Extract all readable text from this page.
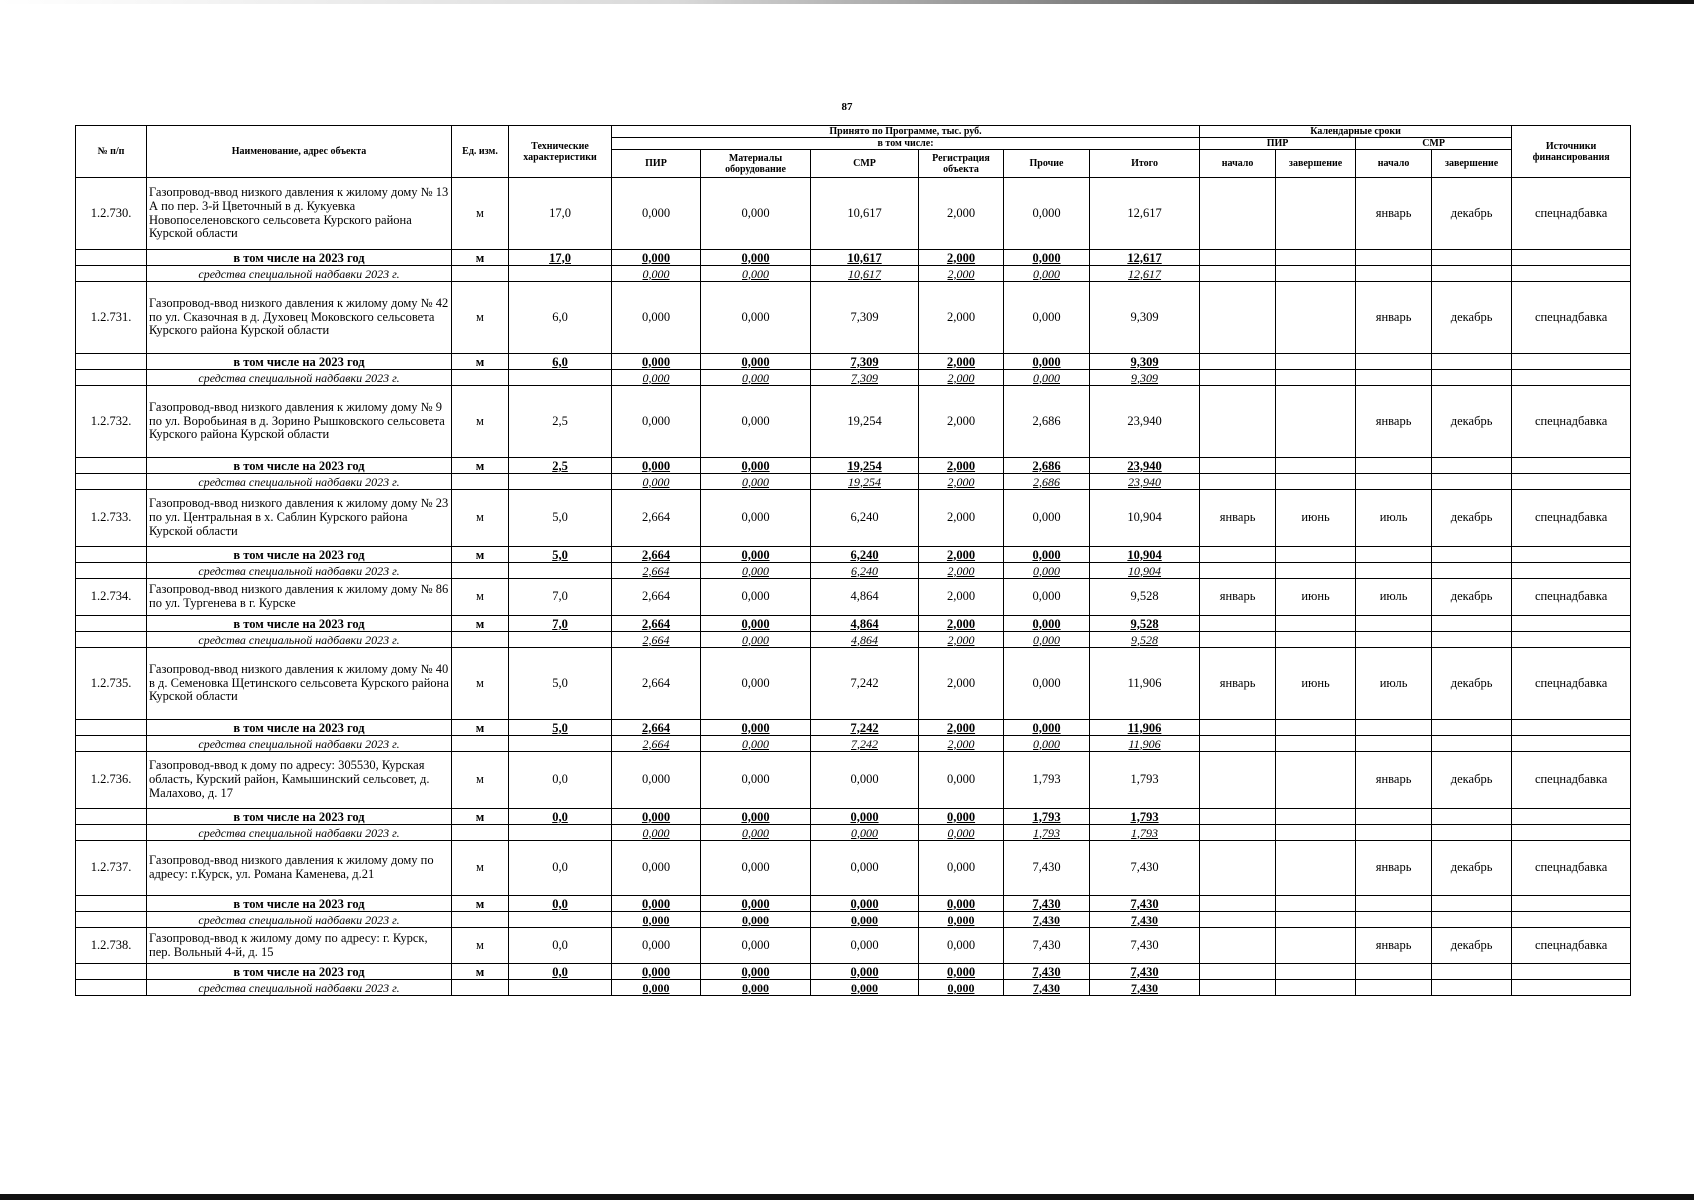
87
№ п/п	Наименование, адрес объекта	Ед. изм.	Технические характеристики	Принято по Программе, тыс. руб.						Календарные сроки				Источники финансирования
				в том числе:						ПИР		СМР		
				ПИР	Материалы оборудование	СМР	Регистрация объекта	Прочие	Итого	начало	завершение	начало	завершение	
1.2.730.	Газопровод-ввод низкого давления к жилому дому № 13 А по пер. 3-й Цветочный в д. Кукуевка Новопоселеновского сельсовета Курского района Курской области	м	17,0	0,000	0,000	10,617	2,000	0,000	12,617			январь	декабрь	спецнадбавка
	в том числе на 2023 год	м	17,0	0,000	0,000	10,617	2,000	0,000	12,617					
	средства специальной надбавки 2023 г.			0,000	0,000	10,617	2,000	0,000	12,617					
1.2.731.	Газопровод-ввод низкого давления к жилому дому № 42 по ул. Сказочная в д. Духовец Моковского сельсовета Курского района Курской области	м	6,0	0,000	0,000	7,309	2,000	0,000	9,309			январь	декабрь	спецнадбавка
	в том числе на 2023 год	м	6,0	0,000	0,000	7,309	2,000	0,000	9,309					
	средства специальной надбавки 2023 г.			0,000	0,000	7,309	2,000	0,000	9,309					
1.2.732.	Газопровод-ввод низкого давления к жилому дому № 9 по ул. Воробьиная в д. Зорино Рышковского сельсовета Курского района Курской области	м	2,5	0,000	0,000	19,254	2,000	2,686	23,940			январь	декабрь	спецнадбавка
	в том числе на 2023 год	м	2,5	0,000	0,000	19,254	2,000	2,686	23,940					
	средства специальной надбавки 2023 г.			0,000	0,000	19,254	2,000	2,686	23,940					
1.2.733.	Газопровод-ввод низкого давления к жилому дому № 23 по ул. Центральная в х. Саблин Курского района Курской области	м	5,0	2,664	0,000	6,240	2,000	0,000	10,904	январь	июнь	июль	декабрь	спецнадбавка
	в том числе на 2023 год	м	5,0	2,664	0,000	6,240	2,000	0,000	10,904					
	средства специальной надбавки 2023 г.			2,664	0,000	6,240	2,000	0,000	10,904					
1.2.734.	Газопровод-ввод низкого давления к жилому дому № 86 по ул. Тургенева в г. Курске	м	7,0	2,664	0,000	4,864	2,000	0,000	9,528	январь	июнь	июль	декабрь	спецнадбавка
	в том числе на 2023 год	м	7,0	2,664	0,000	4,864	2,000	0,000	9,528					
	средства специальной надбавки 2023 г.			2,664	0,000	4,864	2,000	0,000	9,528					
1.2.735.	Газопровод-ввод низкого давления к жилому дому № 40 в д. Семеновка Щетинского сельсовета Курского района Курской области	м	5,0	2,664	0,000	7,242	2,000	0,000	11,906	январь	июнь	июль	декабрь	спецнадбавка
	в том числе на 2023 год	м	5,0	2,664	0,000	7,242	2,000	0,000	11,906					
	средства специальной надбавки 2023 г.			2,664	0,000	7,242	2,000	0,000	11,906					
1.2.736.	Газопровод-ввод к дому по адресу: 305530, Курская область, Курский район, Камышинский сельсовет, д. Малахово, д. 17	м	0,0	0,000	0,000	0,000	0,000	1,793	1,793			январь	декабрь	спецнадбавка
	в том числе на 2023 год	м	0,0	0,000	0,000	0,000	0,000	1,793	1,793					
	средства специальной надбавки 2023 г.			0,000	0,000	0,000	0,000	1,793	1,793					
1.2.737.	Газопровод-ввод низкого давления к жилому дому по адресу: г.Курск, ул. Романа Каменева, д.21	м	0,0	0,000	0,000	0,000	0,000	7,430	7,430			январь	декабрь	спецнадбавка
	в том числе на 2023 год	м	0,0	0,000	0,000	0,000	0,000	7,430	7,430					
	средства специальной надбавки 2023 г.			0,000	0,000	0,000	0,000	7,430	7,430					
1.2.738.	Газопровод-ввод к жилому дому по адресу: г. Курск, пер. Вольный 4-й, д. 15	м	0,0	0,000	0,000	0,000	0,000	7,430	7,430			январь	декабрь	спецнадбавка
	в том числе на 2023 год	м	0,0	0,000	0,000	0,000	0,000	7,430	7,430					
	средства специальной надбавки 2023 г.			0,000	0,000	0,000	0,000	7,430	7,430					
